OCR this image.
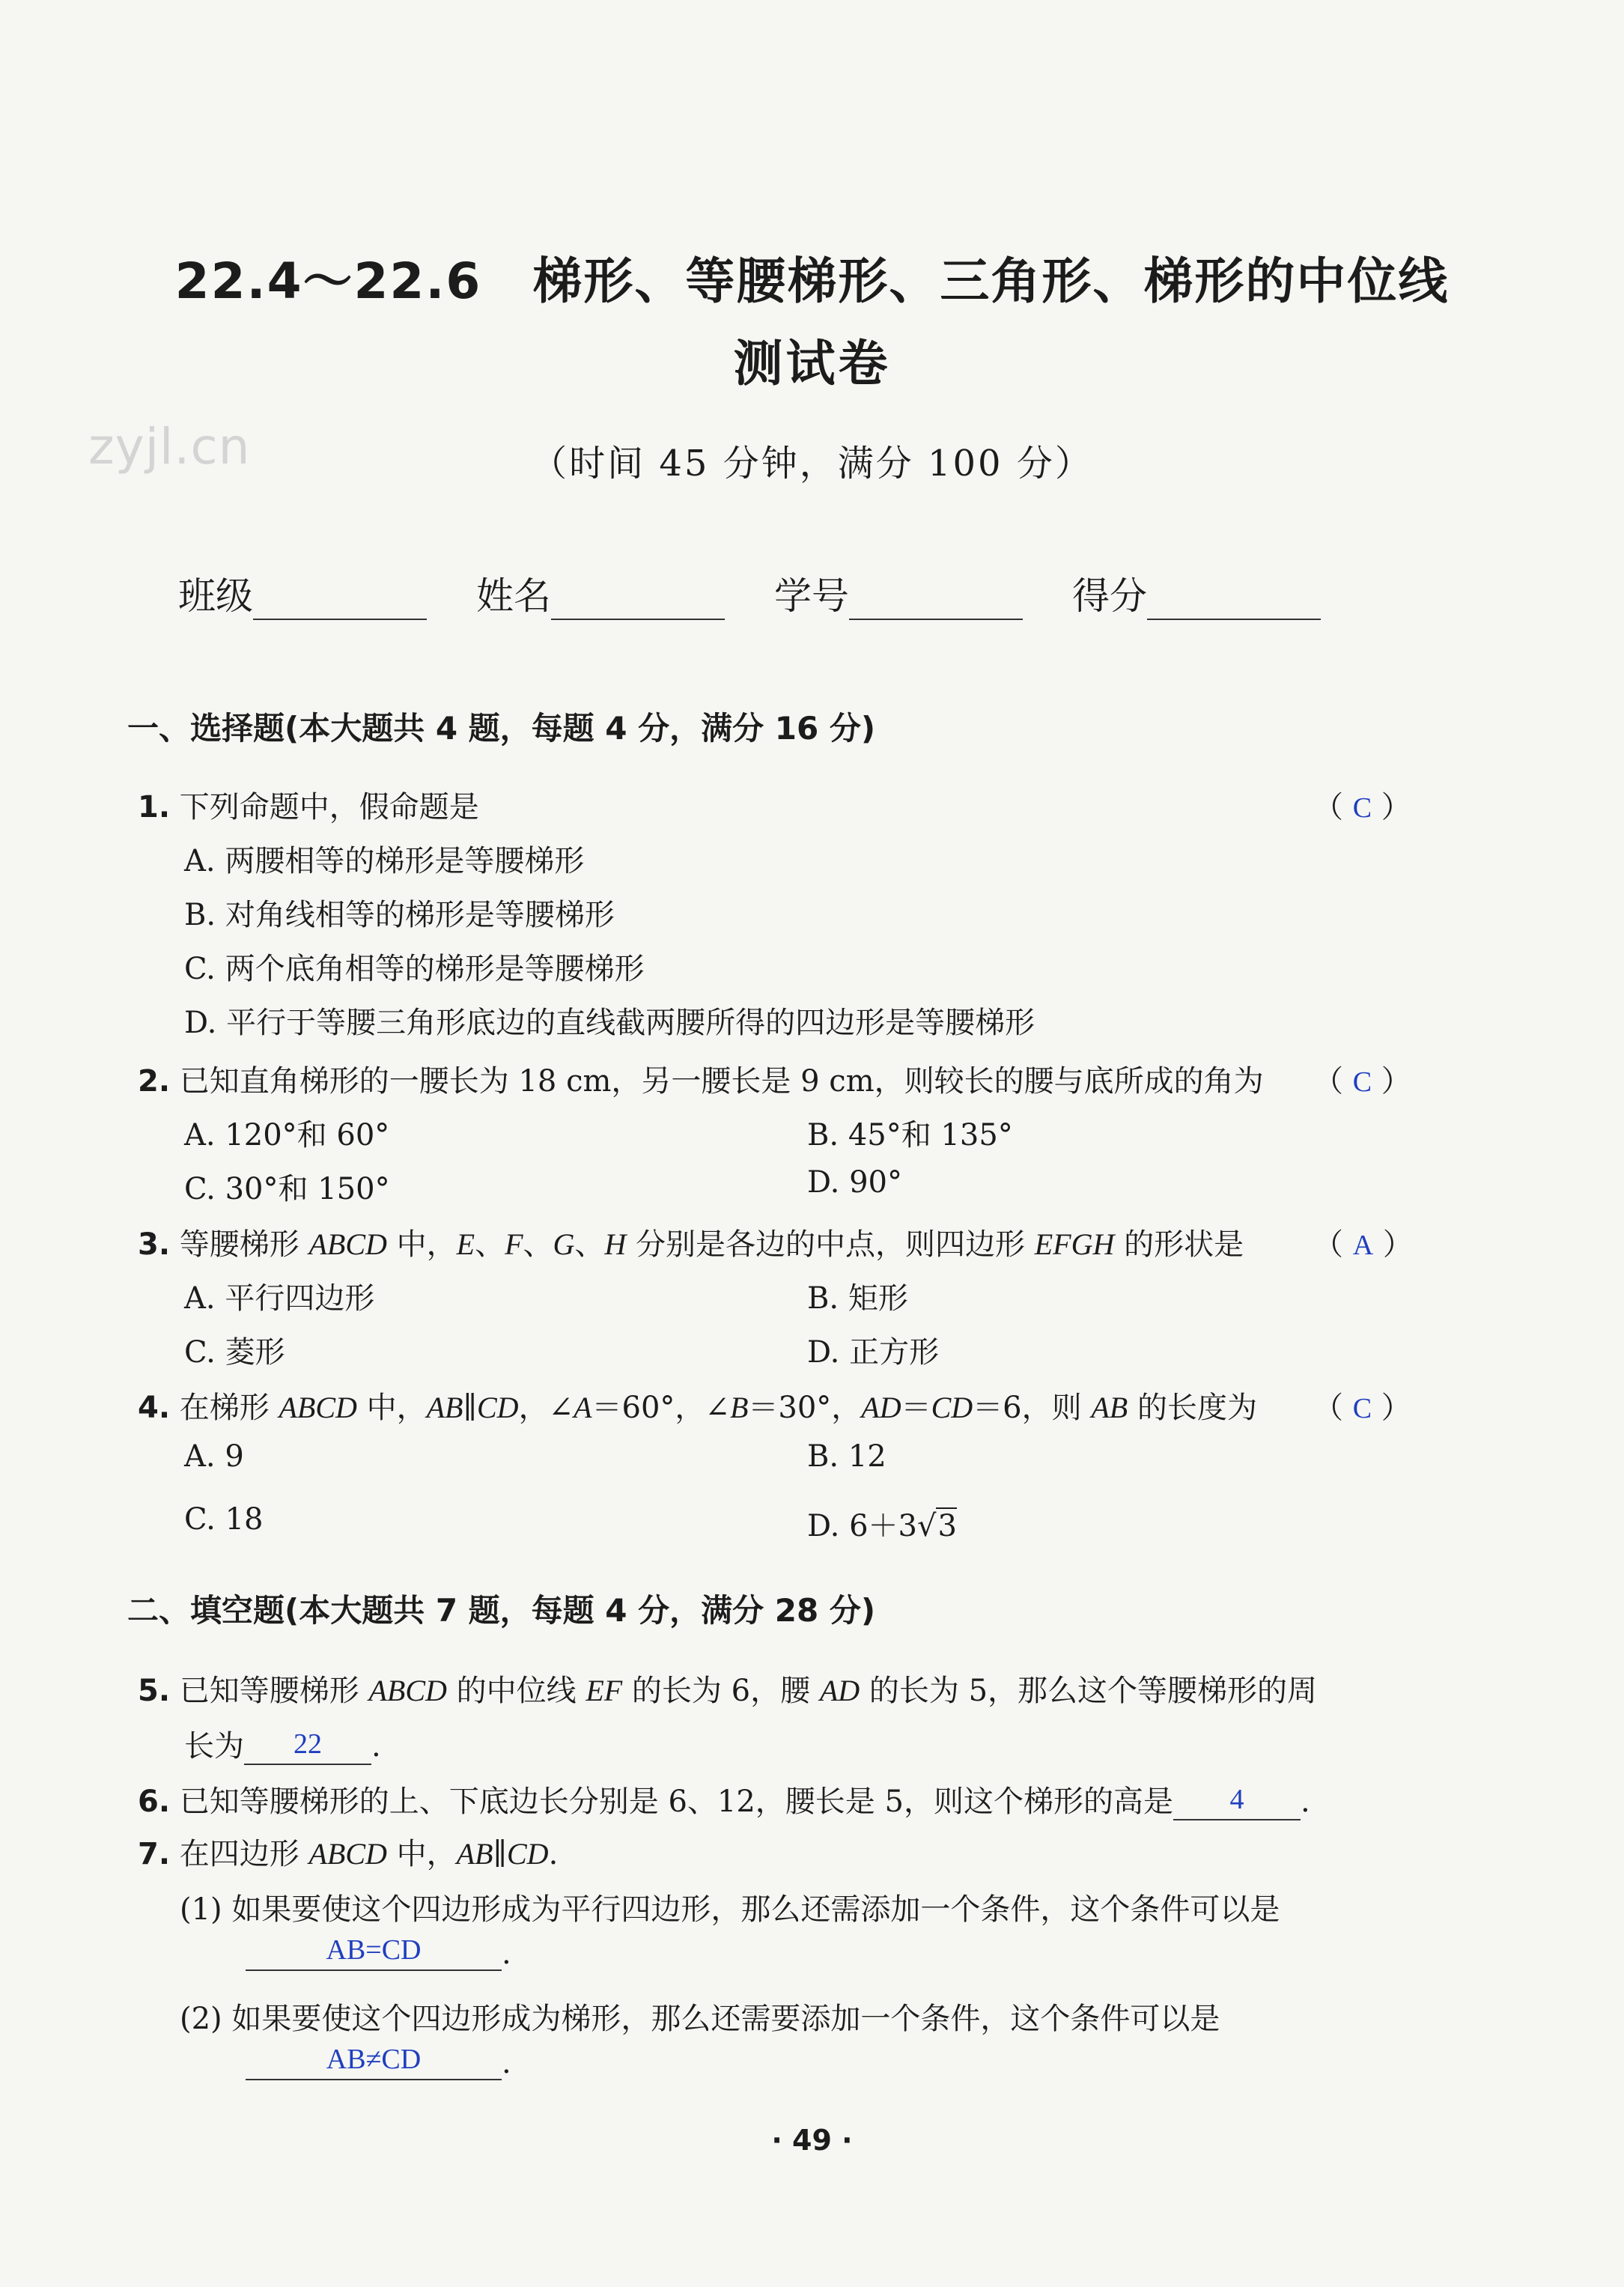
zyjl.cn
22.4～22.6　梯形、等腰梯形、三角形、梯形的中位线
测试卷
（时间 45 分钟，满分 100 分）
班级	姓名	学号	得分
一、选择题(本大题共 4 题，每题 4 分，满分 16 分)
1. 下列命题中，假命题是	（ C ）
A. 两腰相等的梯形是等腰梯形
B. 对角线相等的梯形是等腰梯形
C. 两个底角相等的梯形是等腰梯形
D. 平行于等腰三角形底边的直线截两腰所得的四边形是等腰梯形
2. 已知直角梯形的一腰长为 18 cm，另一腰长是 9 cm，则较长的腰与底所成的角为 （ C ）
A. 120°和 60°	B. 45°和 135°
C. 30°和 150°	D. 90°
3. 等腰梯形 ABCD 中，E、F、G、H 分别是各边的中点，则四边形 EFGH 的形状是 （ A ）
A. 平行四边形	B. 矩形
C. 菱形	D. 正方形
4. 在梯形 ABCD 中，AB∥CD，∠A＝60°，∠B＝30°，AD＝CD＝6，则 AB 的长度为 （ C ）
A. 9	B. 12
C. 18	D. 6＋3√3
二、填空题(本大题共 7 题，每题 4 分，满分 28 分)
5. 已知等腰梯形 ABCD 的中位线 EF 的长为 6，腰 AD 的长为 5，那么这个等腰梯形的周
长为 22 .
6. 已知等腰梯形的上、下底边长分别是 6、12，腰长是 5，则这个梯形的高是 4 .
7. 在四边形 ABCD 中，AB∥CD.
(1) 如果要使这个四边形成为平行四边形，那么还需添加一个条件，这个条件可以是
AB=CD	.
(2) 如果要使这个四边形成为梯形，那么还需要添加一个条件，这个条件可以是
AB≠CD	.
· 49 ·
